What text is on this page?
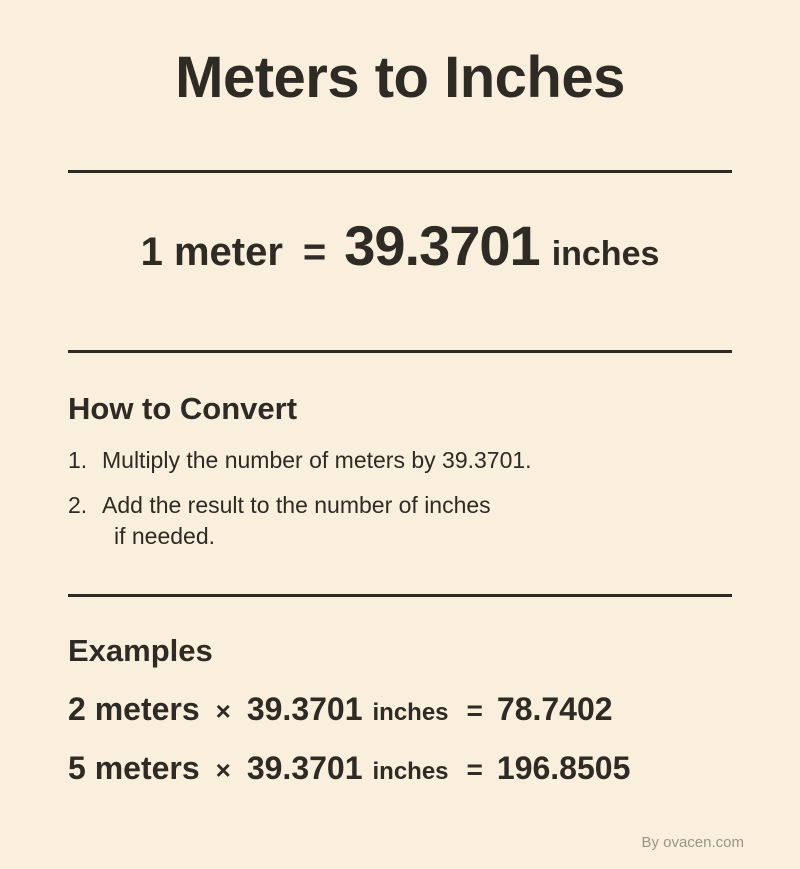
Meters to Inches
1 meter = 39.3701 inches
How to Convert
1. Multiply the number of meters by 39.3701.
2. Add the result to the number of inches
if needed.
Examples
2 meters × 39.3701 inches = 78.7402
5 meters × 39.3701 inches = 196.8505
By ovacen.com
